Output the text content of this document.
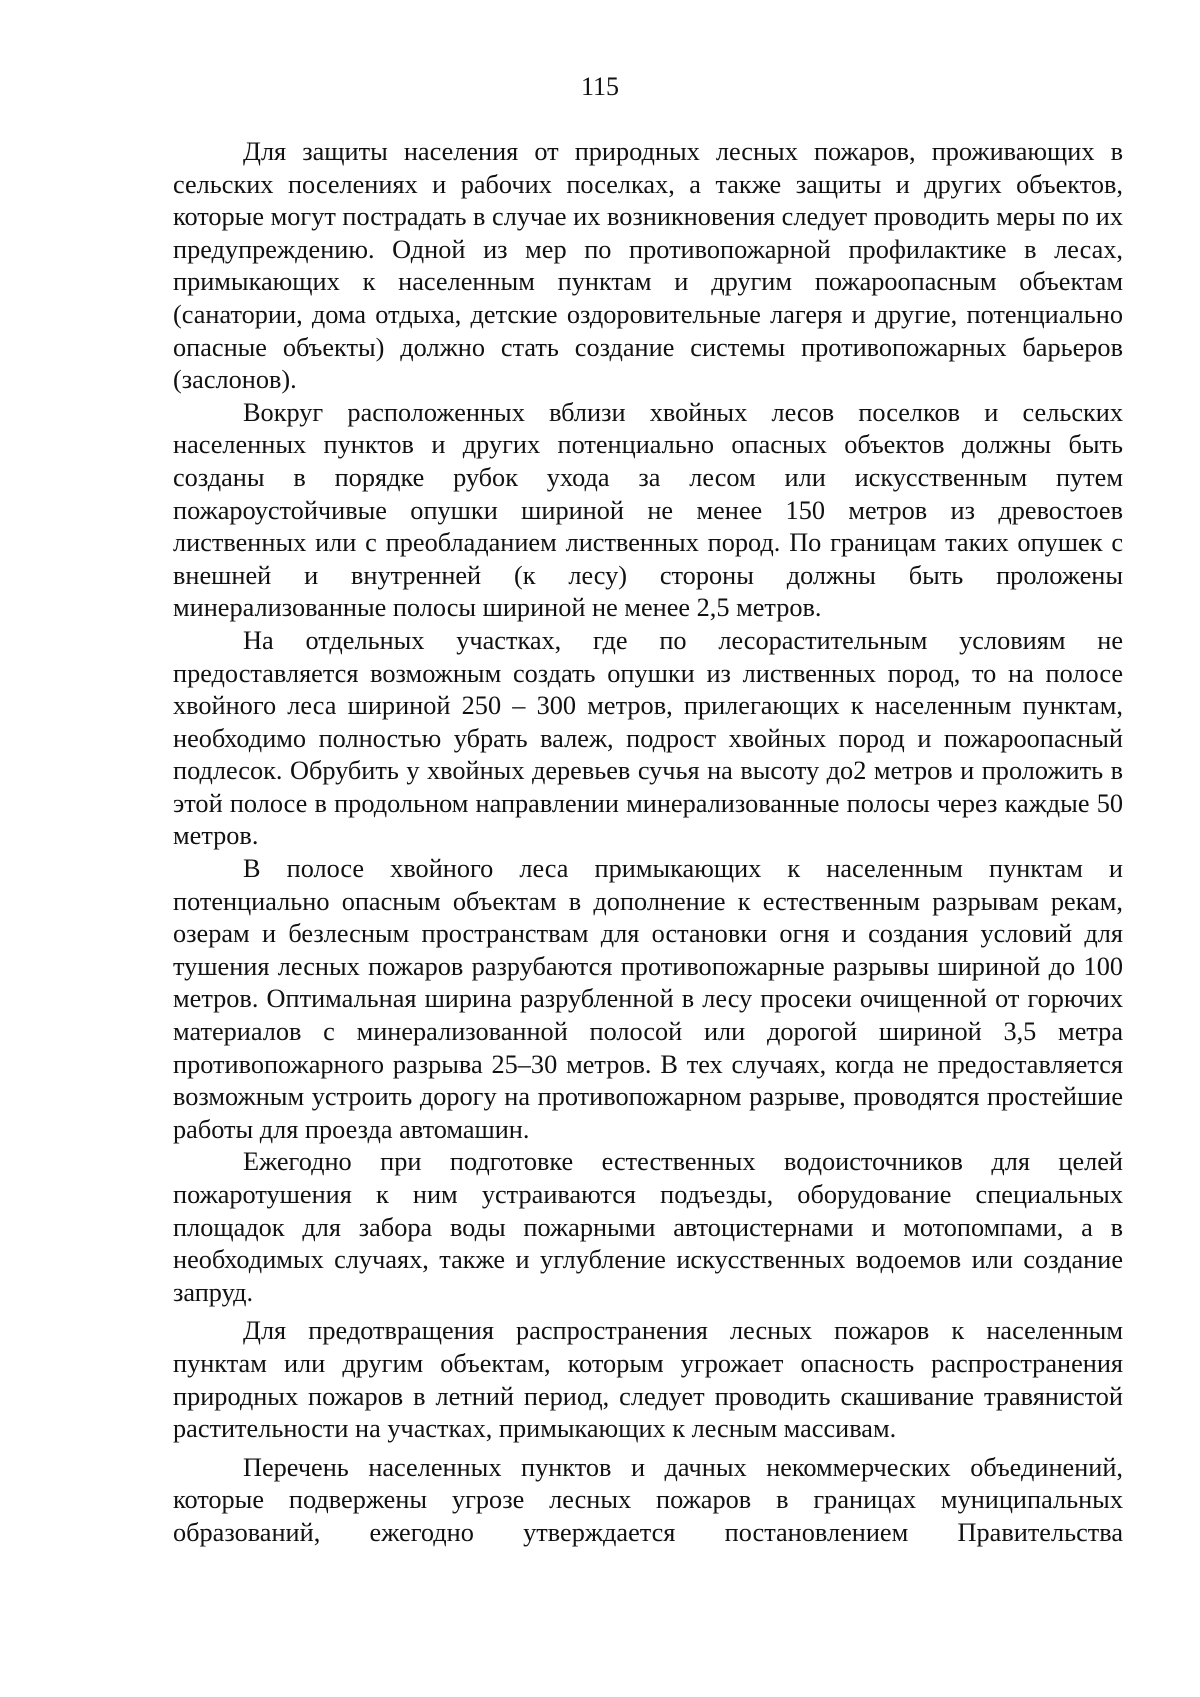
115

Для защиты населения от природных лесных пожаров, проживающих в сельских поселениях и рабочих поселках, а также защиты и других объектов, которые могут пострадать в случае их возникновения следует проводить меры по их предупреждению. Одной из мер по противопожарной профилактике в лесах, примыкающих к населенным пунктам и другим пожароопасным объектам (санатории, дома отдыха, детские оздоровительные лагеря и другие, потенциально опасные объекты) должно стать создание системы противопожарных барьеров (заслонов).

Вокруг расположенных вблизи хвойных лесов поселков и сельских населенных пунктов и других потенциально опасных объектов должны быть созданы в порядке рубок ухода за лесом или искусственным путем пожароустойчивые опушки шириной не менее 150 метров из древостоев лиственных или с преобладанием лиственных пород. По границам таких опушек с внешней и внутренней (к лесу) стороны должны быть проложены минерализованные полосы шириной не менее 2,5 метров.

На отдельных участках, где по лесорастительным условиям не предоставляется возможным создать опушки из лиственных пород, то на полосе хвойного леса шириной 250 – 300 метров, прилегающих к населенным пунктам, необходимо полностью убрать валеж, подрост хвойных пород и пожароопасный подлесок. Обрубить у хвойных деревьев сучья на высоту до2 метров и проложить в этой полосе в продольном направлении минерализованные полосы через каждые 50 метров.

В полосе хвойного леса примыкающих к населенным пунктам и потенциально опасным объектам в дополнение к естественным разрывам рекам, озерам и безлесным пространствам для остановки огня и создания условий для тушения лесных пожаров разрубаются противопожарные разрывы шириной до 100 метров. Оптимальная ширина разрубленной в лесу просеки очищенной от горючих материалов с минерализованной полосой или дорогой шириной 3,5 метра противопожарного разрыва 25–30 метров. В тех случаях, когда не предоставляется возможным устроить дорогу на противопожарном разрыве, проводятся простейшие работы для проезда автомашин.

Ежегодно при подготовке естественных водоисточников для целей пожаротушения к ним устраиваются подъезды, оборудование специальных площадок для забора воды пожарными автоцистернами и мотопомпами, а в необходимых случаях, также и углубление искусственных водоемов или создание запруд.

Для предотвращения распространения лесных пожаров к населенным пунктам или другим объектам, которым угрожает опасность распространения природных пожаров в летний период, следует проводить скашивание травянистой растительности на участках, примыкающих к лесным массивам.

Перечень населенных пунктов и дачных некоммерческих объединений, которые подвержены угрозе лесных пожаров в границах муниципальных образований, ежегодно утверждается постановлением Правительства
